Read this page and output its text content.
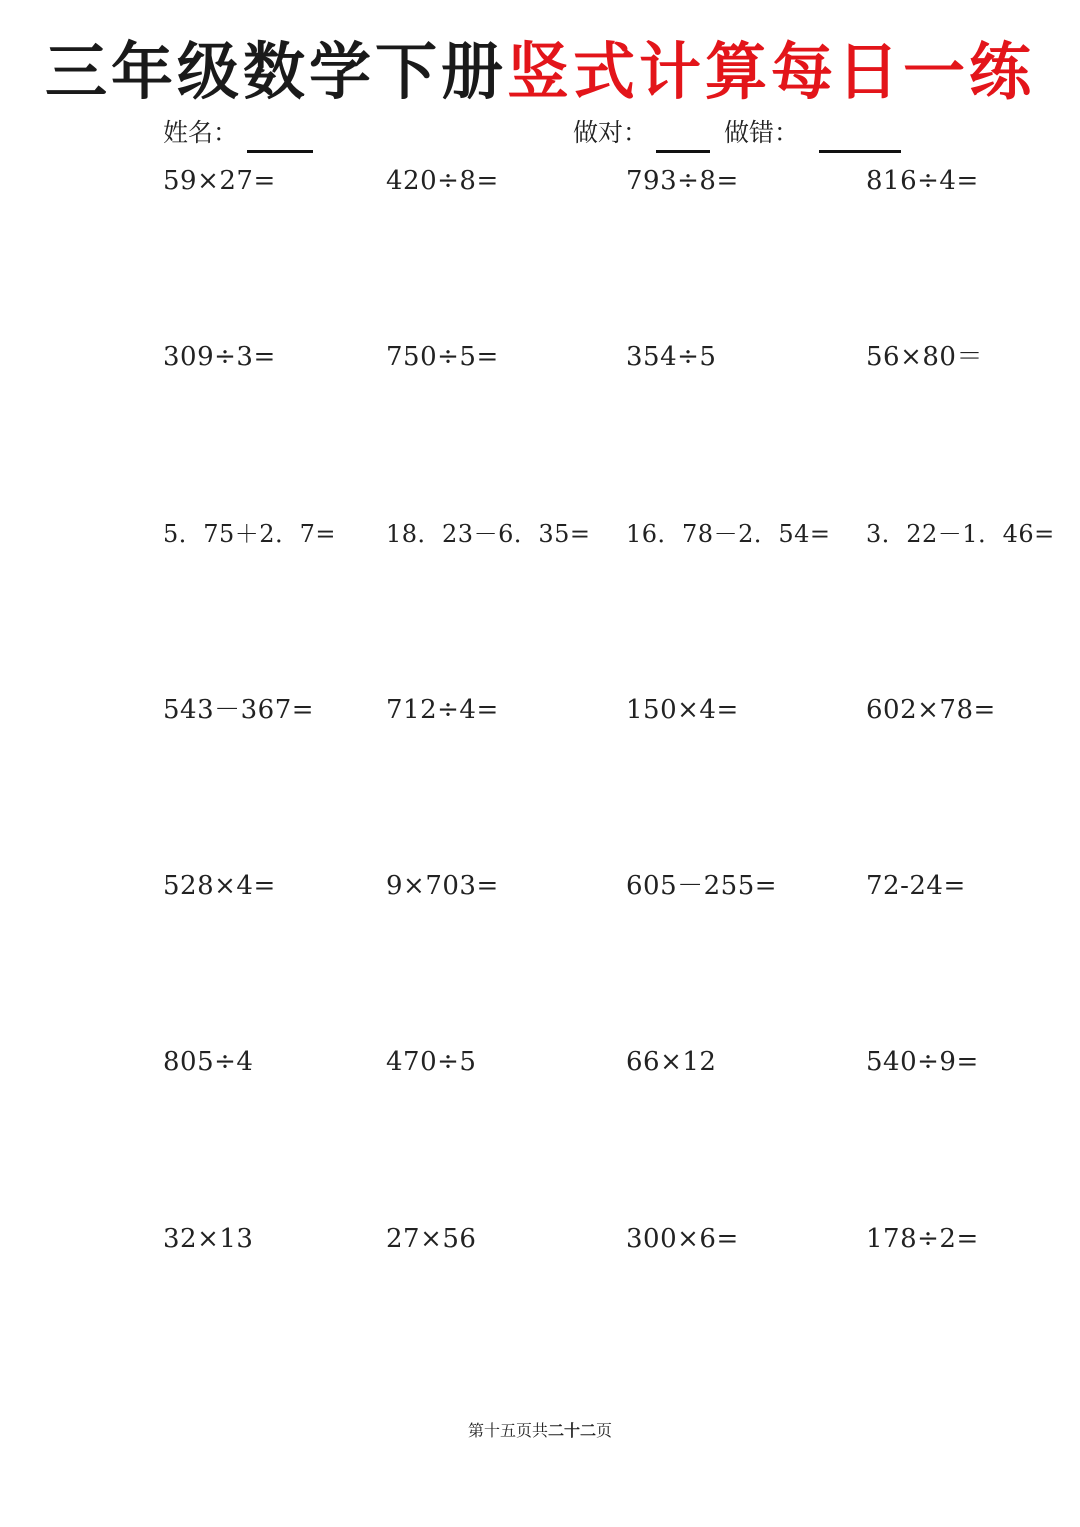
三年级数学下册竖式计算每日一练
姓名：	做对：	做错：
59×27=	420÷8=	793÷8=	816÷4=
309÷3=	750÷5=	354÷5	56×80＝
5．75＋2．7= 18．23－6．35= 16．78－2．54= 3．22－1．46=
543－367=	712÷4=	150×4=	602×78=
528×4=	9×703=	605－255=	72-24=
805÷4	470÷5	66×12	540÷9=
32×13	27×56	300×6=	178÷2=
第十五页共二十二页
